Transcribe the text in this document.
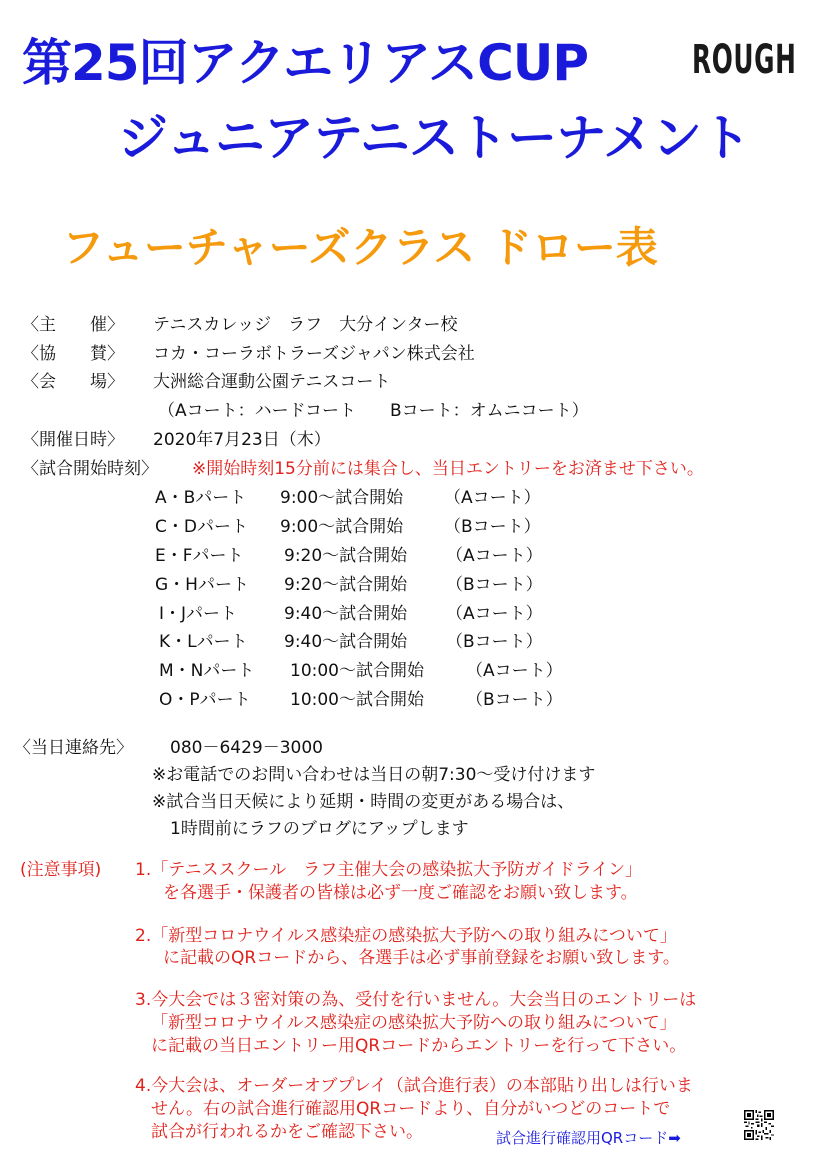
第25回アクエリアスCUP
ジュニアテニストーナメント
ROUGH
フューチャーズクラス ドロー表
〈主　　催〉 テニスカレッジ　ラフ　大分インター校
〈協　　賛〉 コカ・コーラボトラーズジャパン株式会社
〈会　　場〉 大洲総合運動公園テニスコート
（Aコート：ハードコート　　Bコート：オムニコート）
〈開催日時〉 2020年7月23日（木）
〈試合開始時刻〉 ※開始時刻15分前には集合し、当日エントリーをお済ませ下さい。
A・Bパート 9:00～試合開始 （Aコート）
C・Dパート 9:00～試合開始 （Bコート）
E・Fパート 9:20～試合開始 （Aコート）
G・Hパート 9:20～試合開始 （Bコート）
I・Jパート	9:40～試合開始 （Aコート）
K・Lパート 9:40～試合開始 （Bコート）
M・Nパート 10:00～試合開始 （Aコート）
O・Pパート 10:00～試合開始 （Bコート）
〈当日連絡先〉 080－6429－3000
※お電話でのお問い合わせは当日の朝7:30～受け付けます
※試合当日天候により延期・時間の変更がある場合は、
1時間前にラフのブログにアップします
(注意事項) 1.「テニススクール　ラフ主催大会の感染拡大予防ガイドライン」
を各選手・保護者の皆様は必ず一度ご確認をお願い致します。
2.「新型コロナウイルス感染症の感染拡大予防への取り組みについて」
に記載のQRコードから、各選手は必ず事前登録をお願い致します。
3.今大会では３密対策の為、受付を行いません。大会当日のエントリーは
「新型コロナウイルス感染症の感染拡大予防への取り組みについて」
に記載の当日エントリー用QRコードからエントリーを行って下さい。
4.今大会は、オーダーオブプレイ（試合進行表）の本部貼り出しは行いま
せん。右の試合進行確認用QRコードより、自分がいつどのコートで
試合が行われるかをご確認下さい。	試合進行確認用QRコード➡
